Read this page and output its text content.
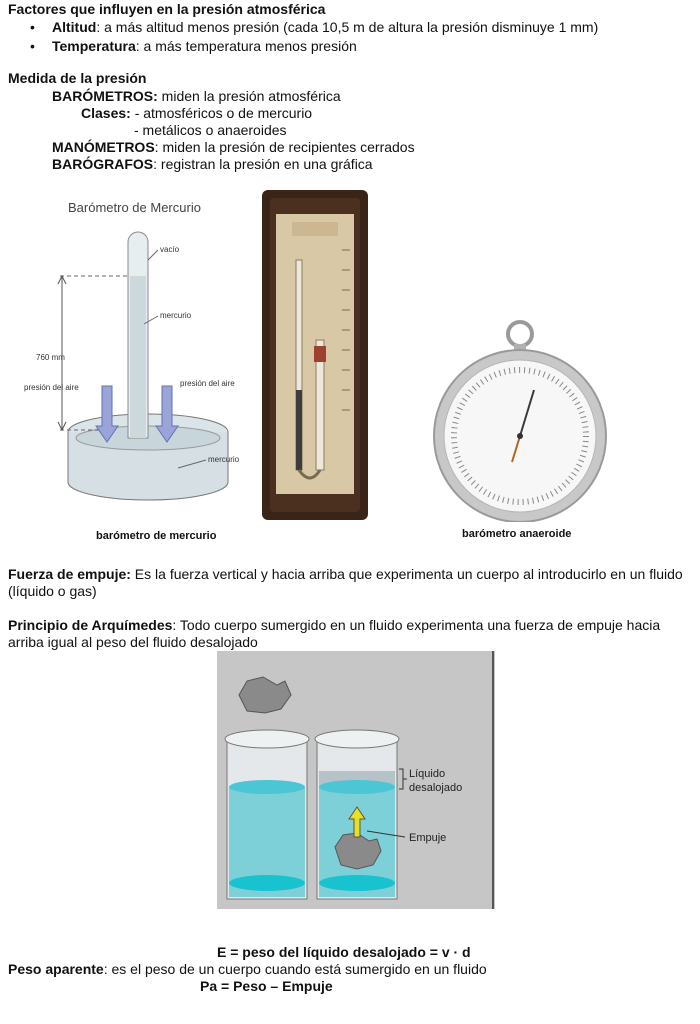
Factores que influyen en la presión atmosférica
• Altitud: a más altitud menos presión (cada 10,5 m de altura la presión disminuye 1 mm)
• Temperatura: a más temperatura menos presión
Medida de la presión
BARÓMETROS: miden la presión atmosférica
Clases: - atmosféricos o de mercurio
- metálicos o anaeroides
MANÓMETROS: miden la presión de recipientes cerrados
BARÓGRAFOS: registran la presión en una gráfica
Barómetro de Mercurio
760 mm
presión del aire	presión del aire
vacío
mercurio
mercurio
barómetro de mercurio	barómetro anaeroide
Fuerza de empuje: Es la fuerza vertical y hacia arriba que experimenta un cuerpo al introducirlo en un fluido (líquido o gas)
Principio de Arquímedes: Todo cuerpo sumergido en un fluido experimenta una fuerza de empuje hacia arriba igual al peso del fluido desalojado
Líquido
desalojado
Empuje
E = peso del líquido desalojado = v · d
Peso aparente: es el peso de un cuerpo cuando está sumergido en un fluido
Pa = Peso – Empuje
